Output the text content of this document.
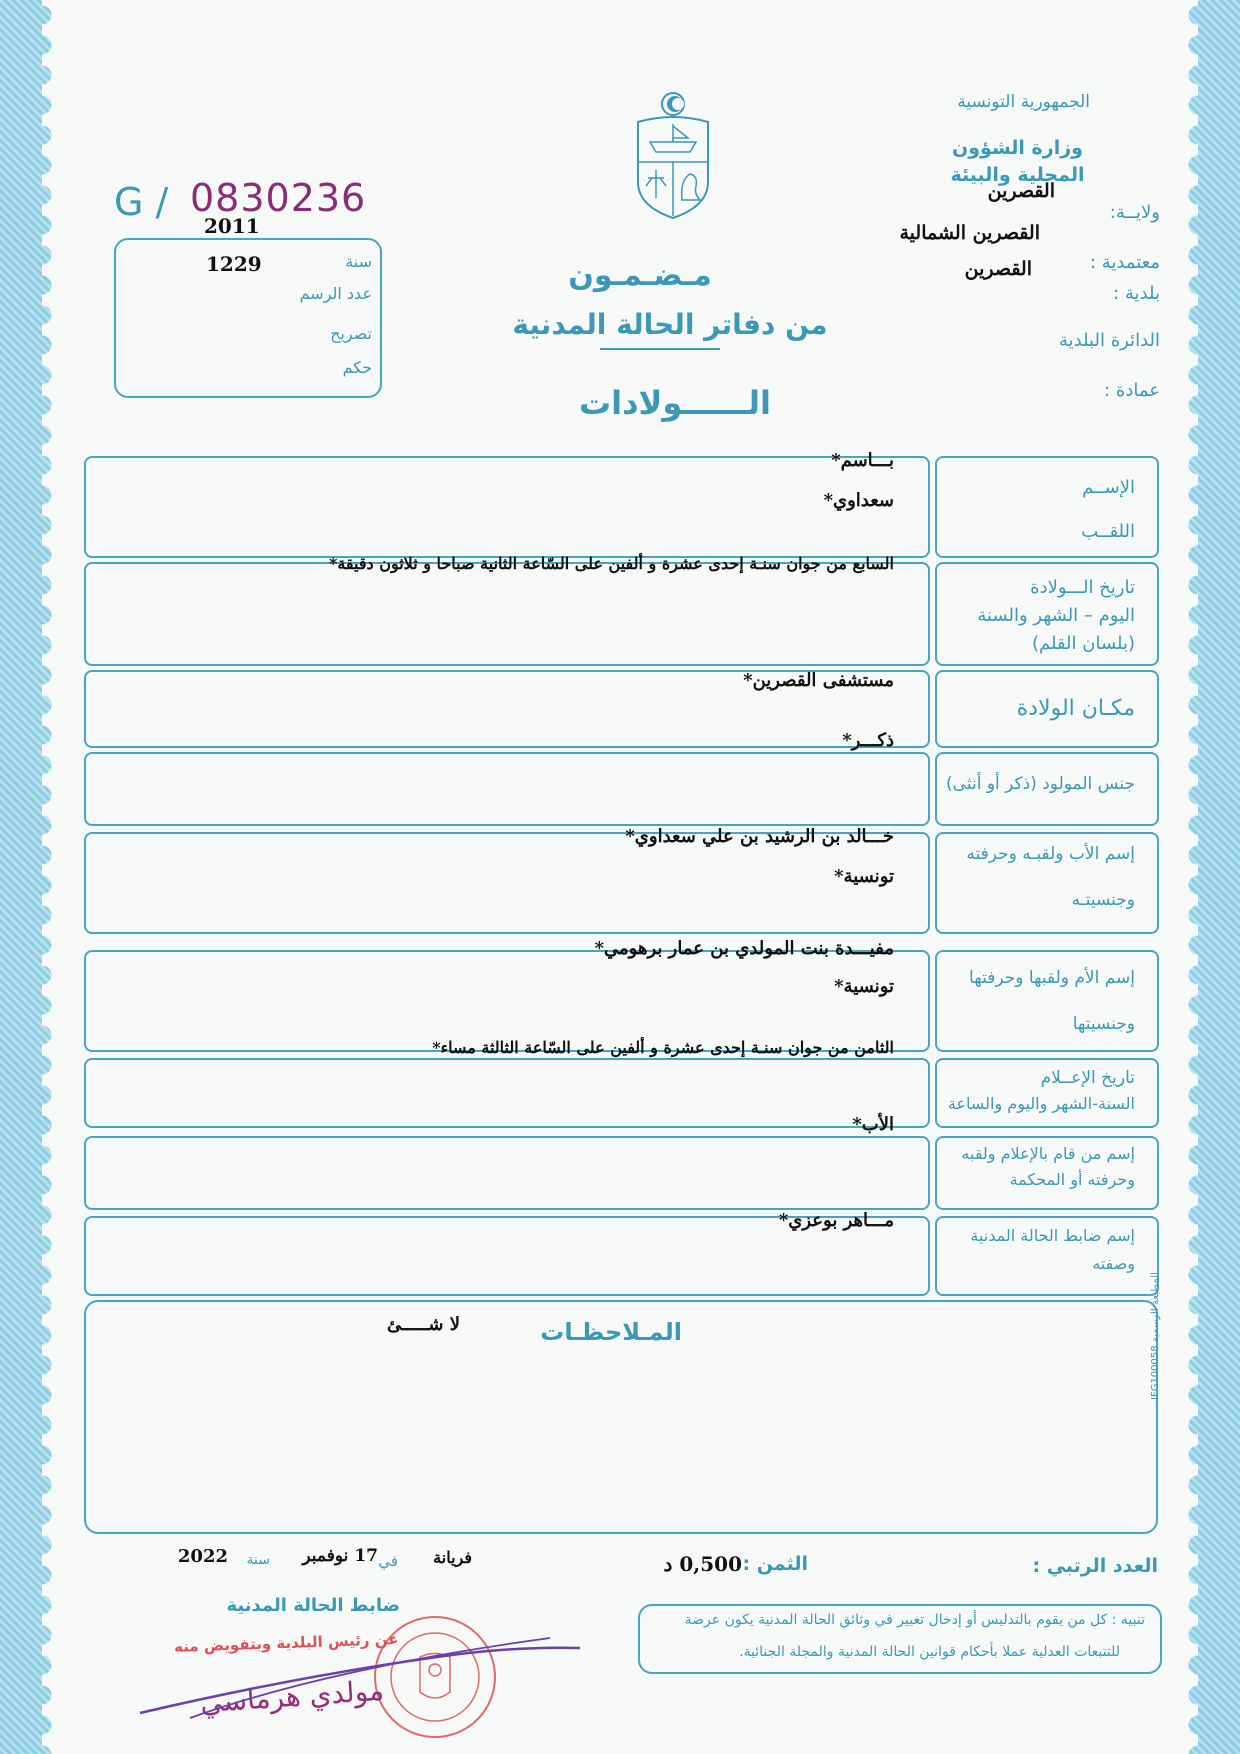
الجمهورية التونسية
وزارة الشؤون المحلية والبيئة
ولايــة:
القصرين
معتمدية :
القصرين الشمالية
بلدية :
القصرين
الدائرة البلدية
عمادة :
G / 0830236
2011
1229	سنة
عدد الرسم
تصريح
حكم
مـضـمـون
من دفاتر الحالة المدنية
الــــــولادات
الإســم
اللقــب
تاريخ الـــولادة
اليوم – الشهر والسنة
(بلسان القلم)
مكـان الولادة
جنس المولود (ذكر أو أنثى)
إسم الأب ولقبـه وحرفته
وجنسيتـه
إسم الأم ولقبها وحرفتها
وجنسيتها
تاريخ الإعــلام
السنة-الشهر واليوم والساعة
إسم من قام بالإعلام ولقبه
وحرفته أو المحكمة
إسم ضابط الحالة المدنية
وصفته
بـــاسم*
سعداوي*
السابع من جوان سنـة إحدى عشرة و ألفين على السّاعة الثانية صباحا و ثلاثون دقيقة*
مستشفى القصرين*
ذكـــر*
خـــالد بن الرشيد بن علي سعداوي*
تونسية*
مفيـــدة بنت المولدي بن عمار برهومي*
تونسية*
الثامن من جوان سنـة إحدى عشرة و ألفين على السّاعة الثالثة مساء*
الأب*
مـــاهر بوعزي*
المـلاحظـات
لا شـــــئ
العدد الرتبي :
الثمن :
0,500 د
فريانة
في
17 نوفمبر
سنة
2022
ضابط الحالة المدنية
تنبيه : كل من يقوم بالتدليس أو إدخال تغيير في وثائق الحالة المدنية يكون عرضة
للتتبعات العدلية عملا بأحكام قوانين الحالة المدنية والمجلة الجنائية.
عن رئيس البلدية وبتفويض منه
مولدي هرماسي
المطبعة الرسمية IFG100058
